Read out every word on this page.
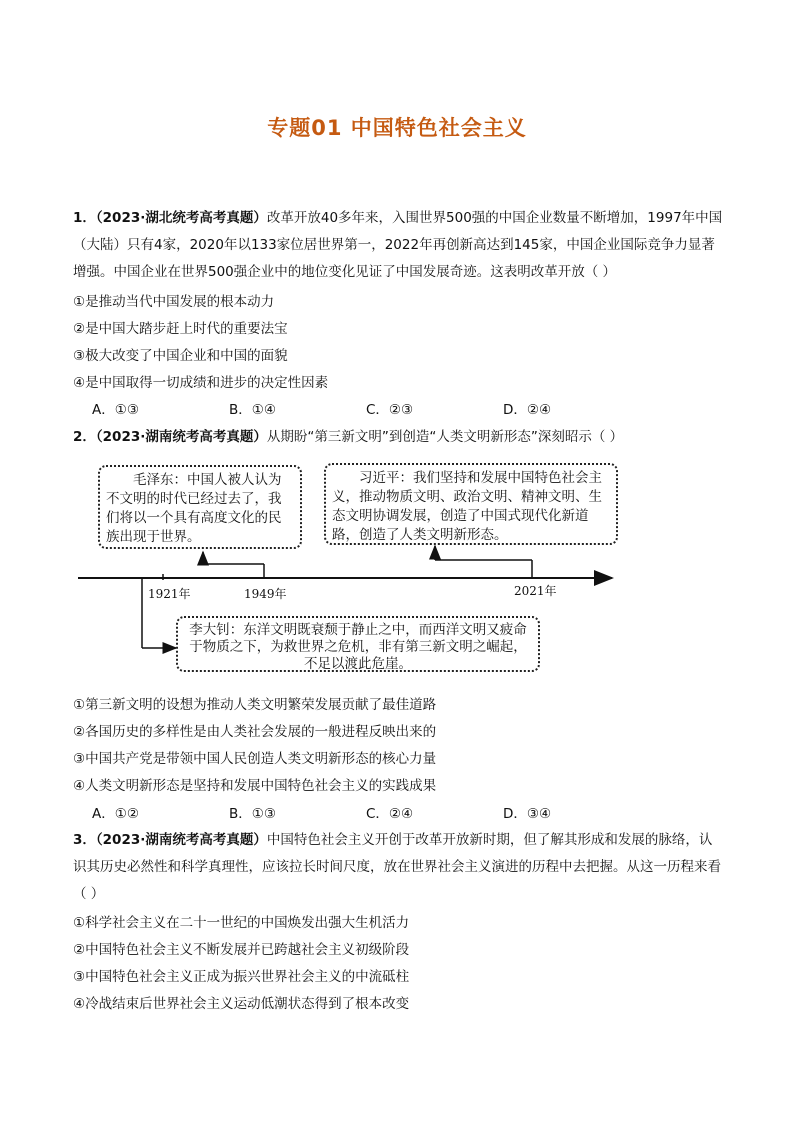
专题01 中国特色社会主义
1．（2023·湖北统考高考真题）改革开放40多年来，入围世界500强的中国企业数量不断增加，1997年中国（大陆）只有4家，2020年以133家位居世界第一，2022年再创新高达到145家，中国企业国际竞争力显著增强。中国企业在世界500强企业中的地位变化见证了中国发展奇迹。这表明改革开放（ ）
①是推动当代中国发展的根本动力
②是中国大踏步赶上时代的重要法宝
③极大改变了中国企业和中国的面貌
④是中国取得一切成绩和进步的决定性因素
A．①③	B．①④	C．②③	D．②④
2．（2023·湖南统考高考真题）从期盼“第三新文明”到创造“人类文明新形态”深刻昭示（ ）
毛泽东：中国人被人认为不文明的时代已经过去了，我们将以一个具有高度文化的民族出现于世界。
习近平：我们坚持和发展中国特色社会主义，推动物质文明、政治文明、精神文明、生态文明协调发展，创造了中国式现代化新道路，创造了人类文明新形态。
李大钊：东洋文明既衰颓于静止之中，而西洋文明又疲命于物质之下，为救世界之危机，非有第三新文明之崛起，不足以渡此危崖。
1921年	1949年	2021年
①第三新文明的设想为推动人类文明繁荣发展贡献了最佳道路
②各国历史的多样性是由人类社会发展的一般进程反映出来的
③中国共产党是带领中国人民创造人类文明新形态的核心力量
④人类文明新形态是坚持和发展中国特色社会主义的实践成果
A．①②	B．①③	C．②④	D．③④
3．（2023·湖南统考高考真题）中国特色社会主义开创于改革开放新时期，但了解其形成和发展的脉络，认识其历史必然性和科学真理性，应该拉长时间尺度，放在世界社会主义演进的历程中去把握。从这一历程来看（ ）
①科学社会主义在二十一世纪的中国焕发出强大生机活力
②中国特色社会主义不断发展并已跨越社会主义初级阶段
③中国特色社会主义正成为振兴世界社会主义的中流砥柱
④冷战结束后世界社会主义运动低潮状态得到了根本改变
